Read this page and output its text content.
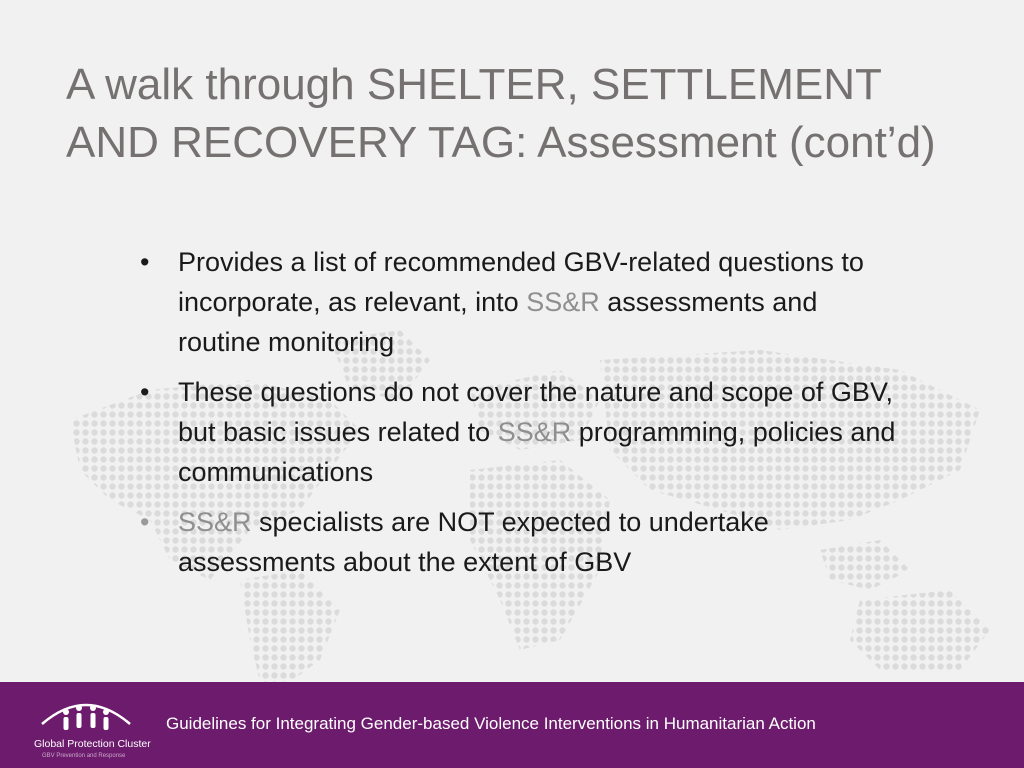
A walk through SHELTER, SETTLEMENT
AND RECOVERY TAG: Assessment (cont’d)
• Provides a list of recommended GBV-related questions to incorporate, as relevant, into SS&R assessments and routine monitoring
• These questions do not cover the nature and scope of GBV, but basic issues related to SS&R programming, policies and communications
• SS&R specialists are NOT expected to undertake assessments about the extent of GBV
Global Protection Cluster
GBV Prevention and Response
Guidelines for Integrating Gender-based Violence Interventions in Humanitarian Action
